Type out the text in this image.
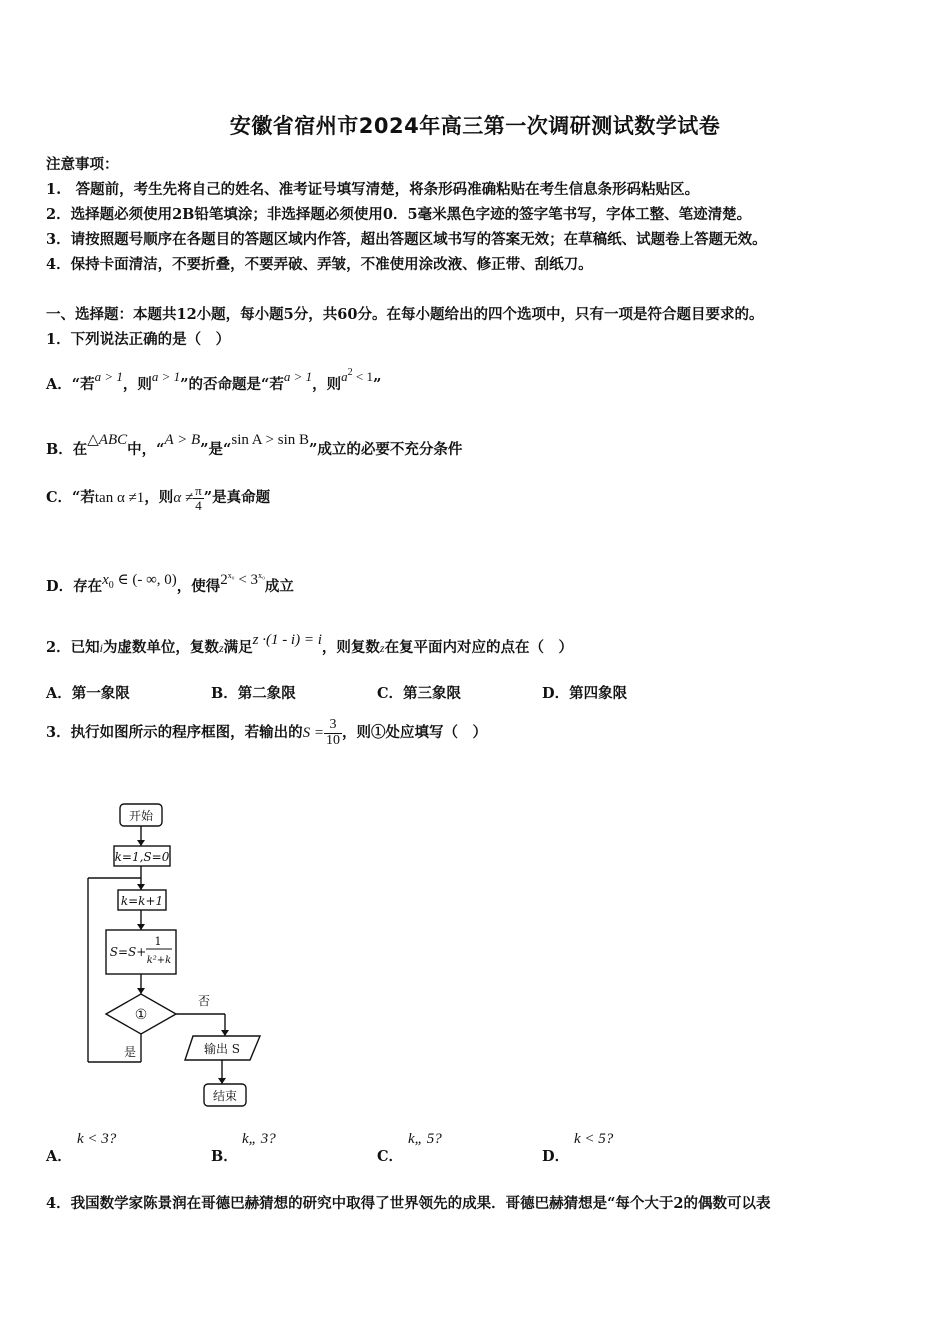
安徽省宿州市2024年高三第一次调研测试数学试卷
注意事项：
1.　答题前，考生先将自己的姓名、准考证号填写清楚，将条形码准确粘贴在考生信息条形码粘贴区。
2．选择题必须使用2B铅笔填涂；非选择题必须使用0．5毫米黑色字迹的签字笔书写，字体工整、笔迹清楚。
3．请按照题号顺序在各题目的答题区域内作答，超出答题区域书写的答案无效；在草稿纸、试题卷上答题无效。
4．保持卡面清洁，不要折叠，不要弄破、弄皱，不准使用涂改液、修正带、刮纸刀。
一、选择题：本题共12小题，每小题5分，共60分。在每小题给出的四个选项中，只有一项是符合题目要求的。
1．下列说法正确的是（　）
A．“若a > 1，则a > 1”的否命题是“若a > 1，则$a^2 < 1$”
B．在△ABC中，“A > B”是“sin A > sin B”成立的必要不充分条件
C．“若tan α ≠1，则$\alpha \ne \frac{\pi}{4}$ ”是真命题
D．存在$x^0$ ∈ (- ∞, 0)，使得$2^{x_0} < 3^{x_0}$成立
2．已知i为虚数单位，复数z满足z ·(1 - i) = i，则复数z在复平面内对应的点在（　）
A．第一象限	B．第二象限	C．第三象限	D．第四象限
3．执行如图所示的程序框图，若输出的$S = \frac{3}{10}$ ，则①处应填写（　）
开始
k=1,S=0
k=k+1
S=S+
1
k²+k
①
否
是	输出 S
结束
A．
k < 3?
B．
k„ 3?
C．
k„ 5?
D．
k < 5?
4．我国数学家陈景润在哥德巴赫猜想的研究中取得了世界领先的成果．哥德巴赫猜想是“每个大于2的偶数可以表
